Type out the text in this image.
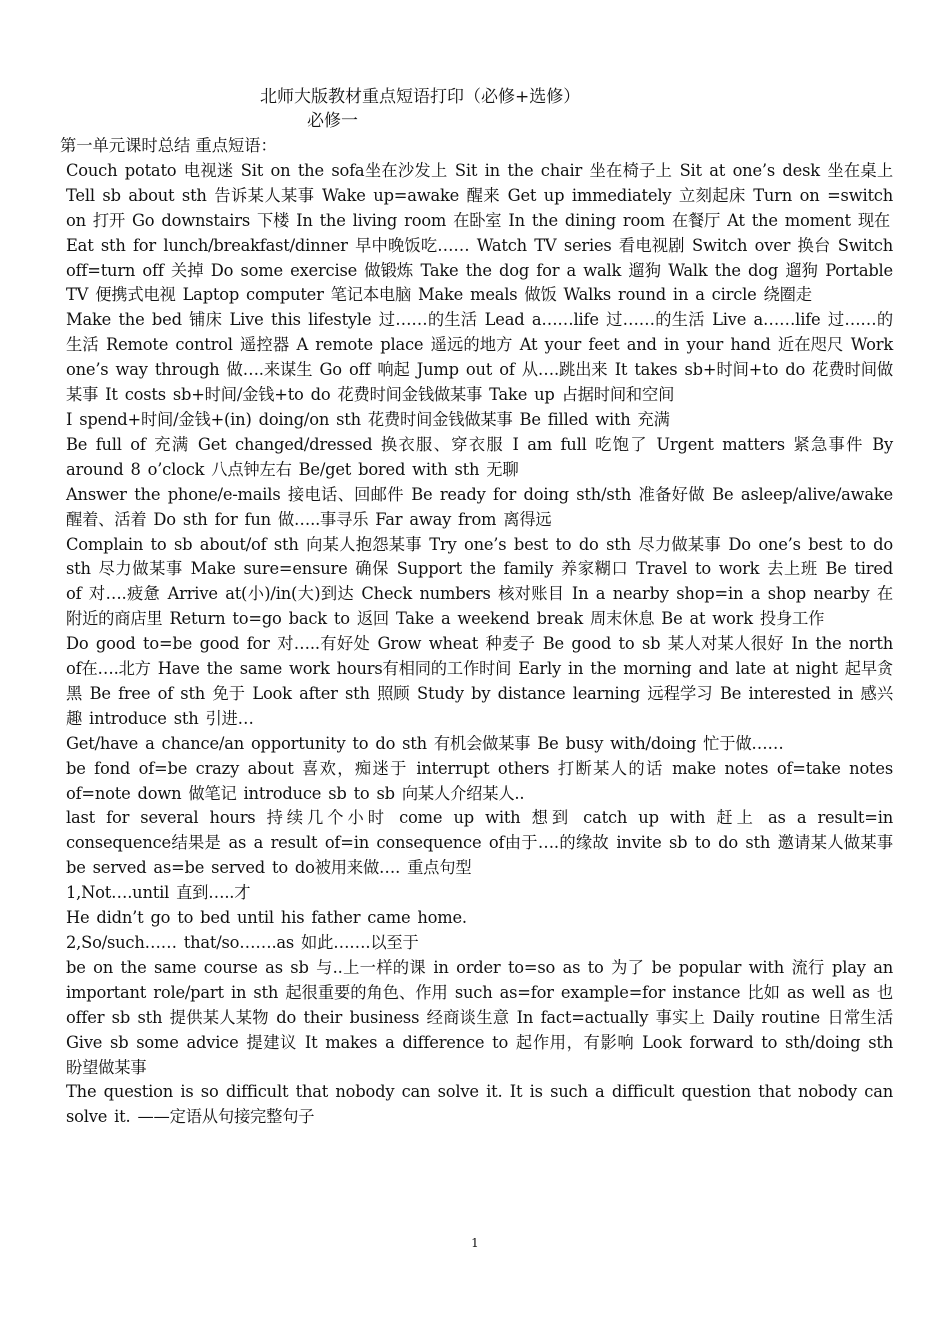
北师大版教材重点短语打印（必修+选修）
必修一

第一单元课时总结 重点短语：

Couch potato 电视迷 Sit on the sofa坐在沙发上 Sit in the chair 坐在椅子上 Sit at one’s desk 坐在桌上 Tell sb about sth 告诉某人某事 Wake up=awake 醒来 Get up immediately 立刻起床 Turn on =switch on 打开 Go downstairs 下楼 In the living room 在卧室 In the dining room 在餐厅 At the moment 现在

Eat sth for lunch/breakfast/dinner 早中晚饭吃…… Watch TV series 看电视剧 Switch over 换台 Switch off=turn off 关掉 Do some exercise 做锻炼 Take the dog for a walk 遛狗 Walk the dog 遛狗 Portable TV 便携式电视 Laptop computer 笔记本电脑 Make meals 做饭 Walks round in a circle 绕圈走

Make the bed 铺床 Live this lifestyle 过……的生活 Lead a……life 过……的生活 Live a……life 过……的生活 Remote control 遥控器 A remote place 遥远的地方 At your feet and in your hand 近在咫尺 Work one’s way through 做….来谋生 Go off 响起 Jump out of 从….跳出来 It takes sb+时间+to do 花费时间做某事 It costs sb+时间/金钱+to do 花费时间金钱做某事 Take up 占据时间和空间

I spend+时间/金钱+(in) doing/on sth 花费时间金钱做某事 Be filled with 充满

Be full of 充满 Get changed/dressed 换衣服、穿衣服 I am full 吃饱了 Urgent matters 紧急事件 By around 8 o’clock 八点钟左右 Be/get bored with sth 无聊

Answer the phone/e-mails 接电话、回邮件 Be ready for doing sth/sth 准备好做 Be asleep/alive/awake 醒着、活着 Do sth for fun 做…..事寻乐 Far away from 离得远

Complain to sb about/of sth 向某人抱怨某事 Try one’s best to do sth 尽力做某事 Do one’s best to do sth 尽力做某事 Make sure=ensure 确保 Support the family 养家糊口 Travel to work 去上班 Be tired of 对….疲惫 Arrive at(小)/in(大)到达 Check numbers 核对账目 In a nearby shop=in a shop nearby 在附近的商店里 Return to=go back to 返回 Take a weekend break 周末休息 Be at work 投身工作

Do good to=be good for 对…..有好处 Grow wheat 种麦子 Be good to sb 某人对某人很好 In the north of在….北方 Have the same work hours有相同的工作时间 Early in the morning and late at night 起早贪黑 Be free of sth 免于 Look after sth 照顾 Study by distance learning 远程学习 Be interested in 感兴趣 introduce sth 引进…

Get/have a chance/an opportunity to do sth 有机会做某事 Be busy with/doing 忙于做……

be fond of=be crazy about 喜欢，痴迷于 interrupt others 打断某人的话 make notes of=take notes of=note down 做笔记 introduce sb to sb 向某人介绍某人..

last for several hours 持续几个小时 come up with 想到 catch up with 赶上 as a result=in consequence结果是 as a result of=in consequence of由于….的缘故 invite sb to do sth 邀请某人做某事 be served as=be served to do被用来做…. 重点句型

1,Not….until 直到…..才

He didn’t go to bed until his father came home.

2,So/such…… that/so…….as 如此…….以至于

be on the same course as sb 与..上一样的课 in order to=so as to 为了 be popular with 流行 play an important role/part in sth 起很重要的角色、作用 such as=for example=for instance 比如 as well as 也 offer sb sth 提供某人某物 do their business 经商谈生意 In fact=actually 事实上 Daily routine 日常生活 Give sb some advice 提建议 It makes a difference to 起作用，有影响 Look forward to sth/doing sth 盼望做某事

The question is so difficult that nobody can solve it. It is such a difficult question that nobody can solve it. ——定语从句接完整句子

1
